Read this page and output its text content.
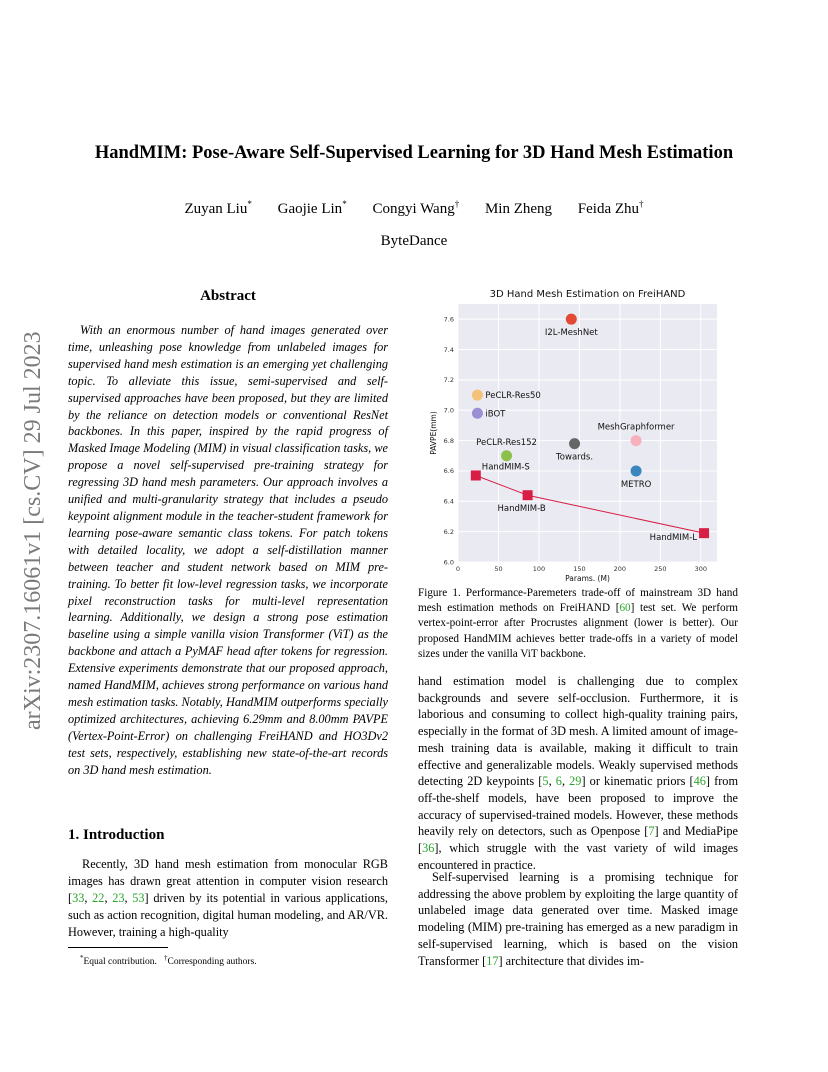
HandMIM: Pose-Aware Self-Supervised Learning for 3D Hand Mesh Estimation
Zuyan Liu* Gaojie Lin* Congyi Wang† Min Zheng Feida Zhu†
ByteDance
arXiv:2307.16061v1 [cs.CV] 29 Jul 2023
Abstract

With an enormous number of hand images generated over time, unleashing pose knowledge from unlabeled images for supervised hand mesh estimation is an emerging yet challenging topic. To alleviate this issue, semi-supervised and self-supervised approaches have been proposed, but they are limited by the reliance on detection models or conventional ResNet backbones. In this paper, inspired by the rapid progress of Masked Image Modeling (MIM) in visual classification tasks, we propose a novel self-supervised pre-training strategy for regressing 3D hand mesh parameters. Our approach involves a unified and multi-granularity strategy that includes a pseudo keypoint alignment module in the teacher-student framework for learning pose-aware semantic class tokens. For patch tokens with detailed locality, we adopt a self-distillation manner between teacher and student network based on MIM pre-training. To better fit low-level regression tasks, we incorporate pixel reconstruction tasks for multi-level representation learning. Additionally, we design a strong pose estimation baseline using a simple vanilla vision Transformer (ViT) as the backbone and attach a PyMAF head after tokens for regression. Extensive experiments demonstrate that our proposed approach, named HandMIM, achieves strong performance on various hand mesh estimation tasks. Notably, HandMIM outperforms specially optimized architectures, achieving 6.29mm and 8.00mm PAVPE (Vertex-Point-Error) on challenging FreiHAND and HO3Dv2 test sets, respectively, establishing new state-of-the-art records on 3D hand mesh estimation.

1. Introduction

Recently, 3D hand mesh estimation from monocular RGB images has drawn great attention in computer vision research [33, 22, 23, 53] driven by its potential in various applications, such as action recognition, digital human modeling, and AR/VR. However, training a high-quality

*Equal contribution. †Corresponding authors.
0	50	100	150	200	250	300
6.0
6.2
6.4
6.6
6.8
7.0
7.2
7.4
7.6
3D Hand Mesh Estimation on FreiHAND
Params. (M)
PAVPE(mm)
I2L-MeshNet
PeCLR-Res50
iBOT
PeCLR-Res152
Towards.
MeshGraphformer
METRO
HandMIM-S
HandMIM-B
HandMIM-L

Figure 1. Performance-Paremeters trade-off of mainstream 3D hand mesh estimation methods on FreiHAND [60] test set. We perform vertex-point-error after Procrustes alignment (lower is better). Our proposed HandMIM achieves better trade-offs in a variety of model sizes under the vanilla ViT backbone.

hand estimation model is challenging due to complex backgrounds and severe self-occlusion. Furthermore, it is laborious and consuming to collect high-quality training pairs, especially in the format of 3D mesh. A limited amount of image-mesh training data is available, making it difficult to train effective and generalizable models. Weakly supervised methods detecting 2D keypoints [5, 6, 29] or kinematic priors [46] from off-the-shelf models, have been proposed to improve the accuracy of supervised-trained models. However, these methods heavily rely on detectors, such as Openpose [7] and MediaPipe [36], which struggle with the vast variety of wild images encountered in practice.

Self-supervised learning is a promising technique for addressing the above problem by exploiting the large quantity of unlabeled image data generated over time. Masked image modeling (MIM) pre-training has emerged as a new paradigm in self-supervised learning, which is based on the vision Transformer [17] architecture that divides im-
